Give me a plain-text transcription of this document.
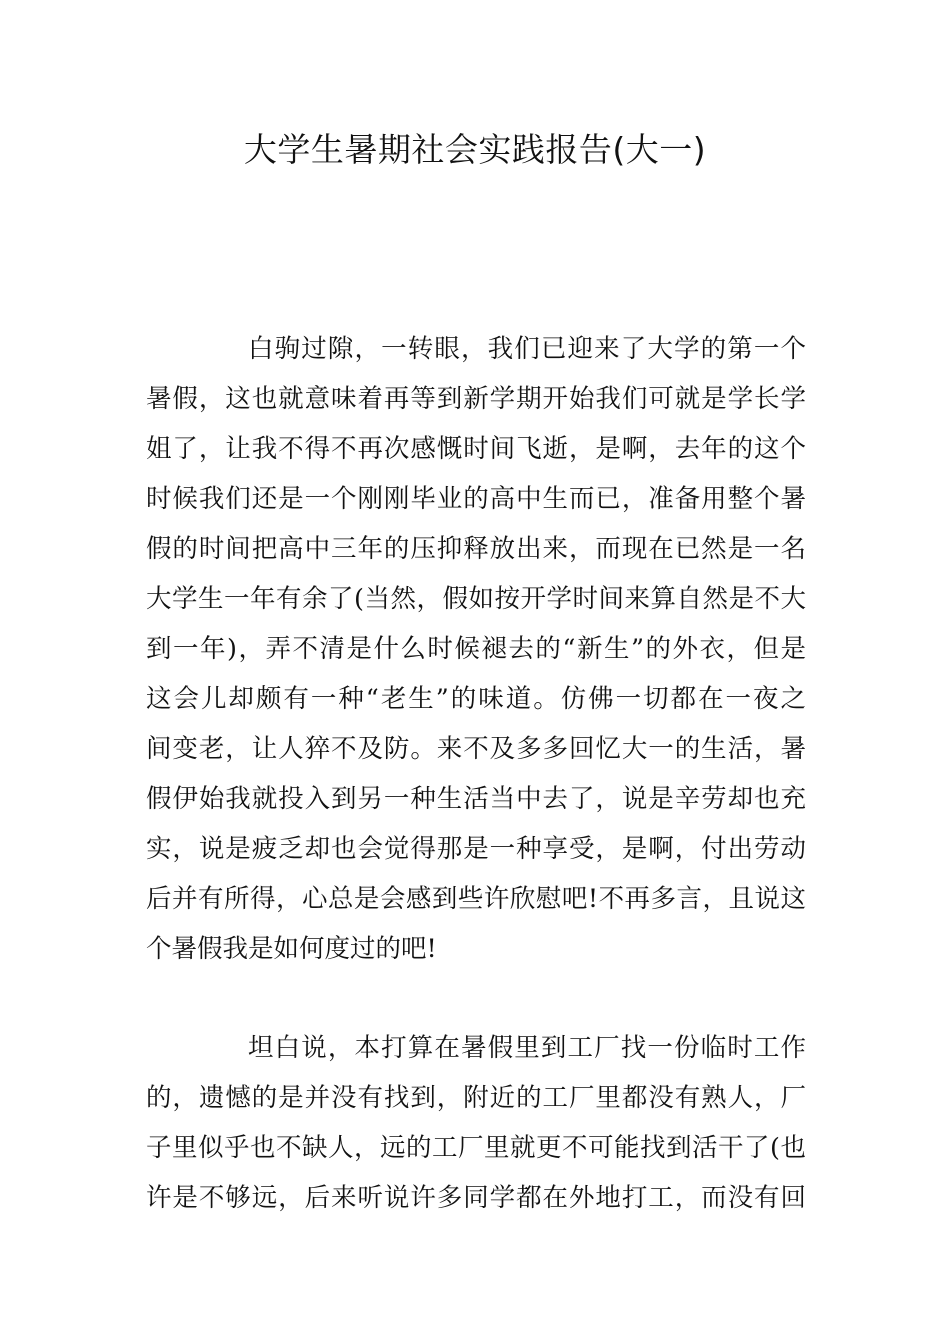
大学生暑期社会实践报告(大一)
白驹过隙，一转眼，我们已迎来了大学的第一个
暑假，这也就意味着再等到新学期开始我们可就是学长学
姐了，让我不得不再次感慨时间飞逝，是啊，去年的这个
时候我们还是一个刚刚毕业的高中生而已，准备用整个暑
假的时间把高中三年的压抑释放出来，而现在已然是一名
大学生一年有余了(当然，假如按开学时间来算自然是不大
到一年)，弄不清是什么时候褪去的“新生”的外衣，但是
这会儿却颇有一种“老生”的味道。仿佛一切都在一夜之
间变老，让人猝不及防。来不及多多回忆大一的生活，暑
假伊始我就投入到另一种生活当中去了，说是辛劳却也充
实，说是疲乏却也会觉得那是一种享受，是啊，付出劳动
后并有所得，心总是会感到些许欣慰吧!不再多言，且说这
个暑假我是如何度过的吧!
坦白说，本打算在暑假里到工厂找一份临时工作
的，遗憾的是并没有找到，附近的工厂里都没有熟人，厂
子里似乎也不缺人，远的工厂里就更不可能找到活干了(也
许是不够远，后来听说许多同学都在外地打工，而没有回
